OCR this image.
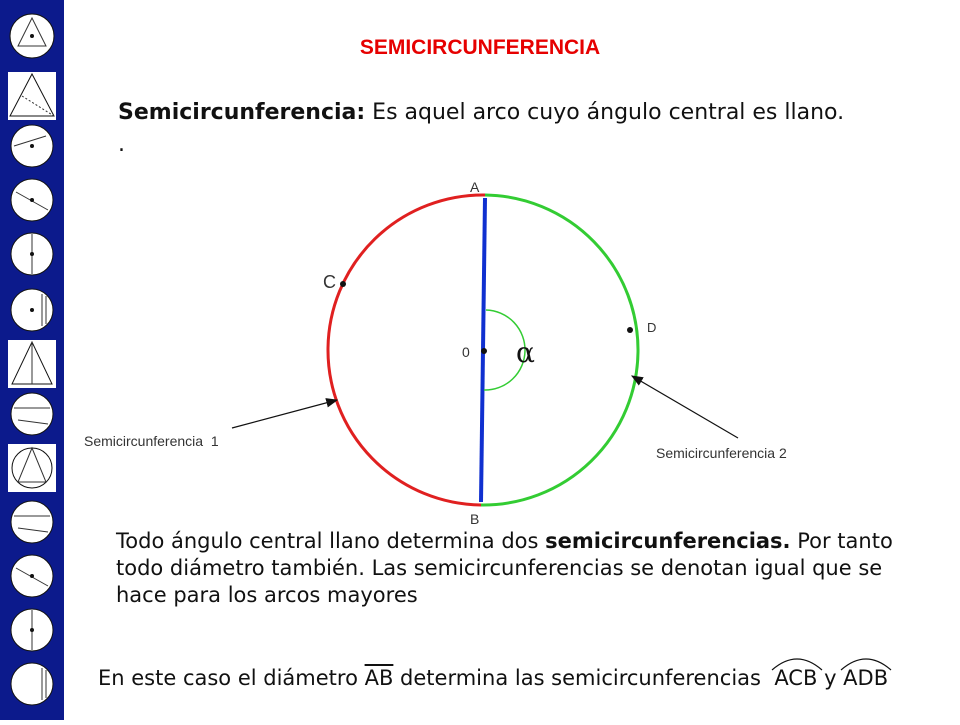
SEMICIRCUNFERENCIA
Semicircunferencia: Es aquel arco cuyo ángulo central es llano.
.
A
B
C
D
0 α
Semicircunferencia  1
Semicircunferencia 2
Todo ángulo central llano determina dos semicircunferencias. Por tanto todo diámetro también. Las semicircunferencias se denotan igual que se hace para los arcos mayores
En este caso el diámetro $\overline{AB}$ determina las semicircunferencias
ACB y
ADB
